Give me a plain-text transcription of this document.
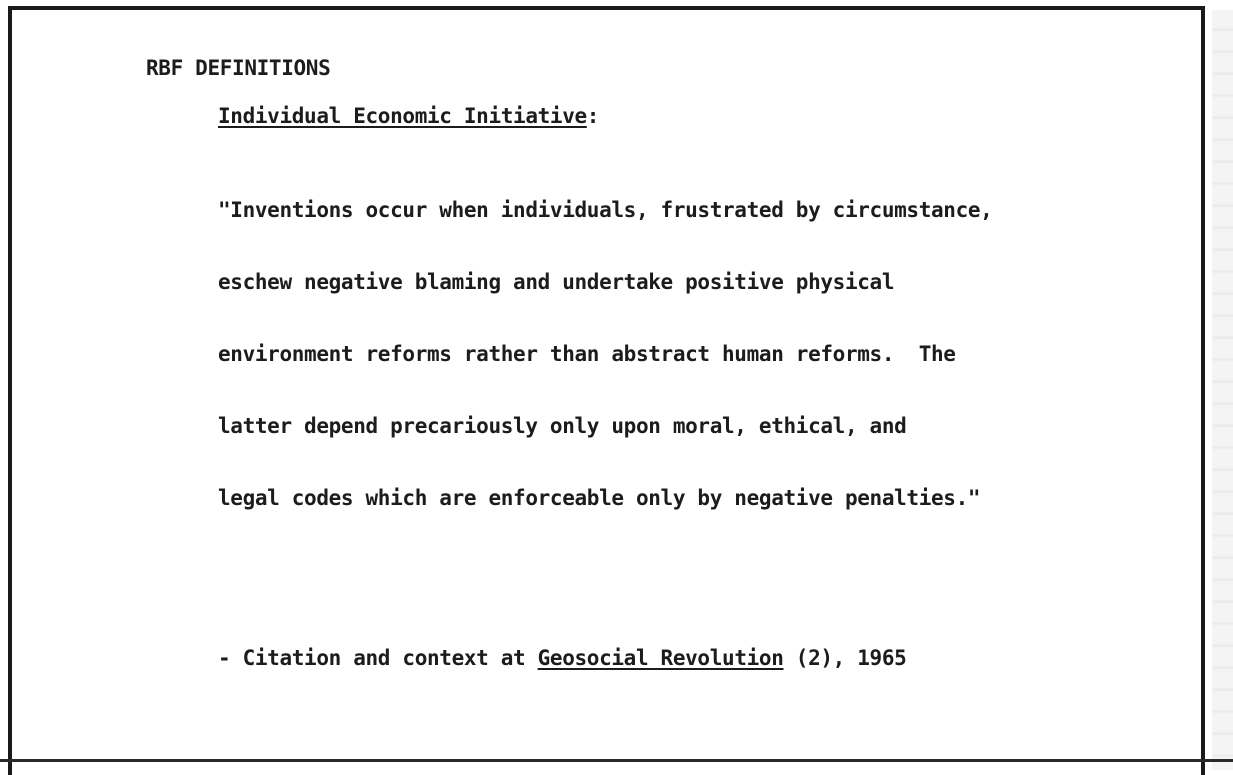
RBF DEFINITIONS
Individual Economic Initiative:

"Inventions occur when individuals, frustrated by circumstance,

eschew negative blaming and undertake positive physical

environment reforms rather than abstract human reforms.  The

latter depend precariously only upon moral, ethical, and

legal codes which are enforceable only by negative penalties."

- Citation and context at Geosocial Revolution (2), 1965
